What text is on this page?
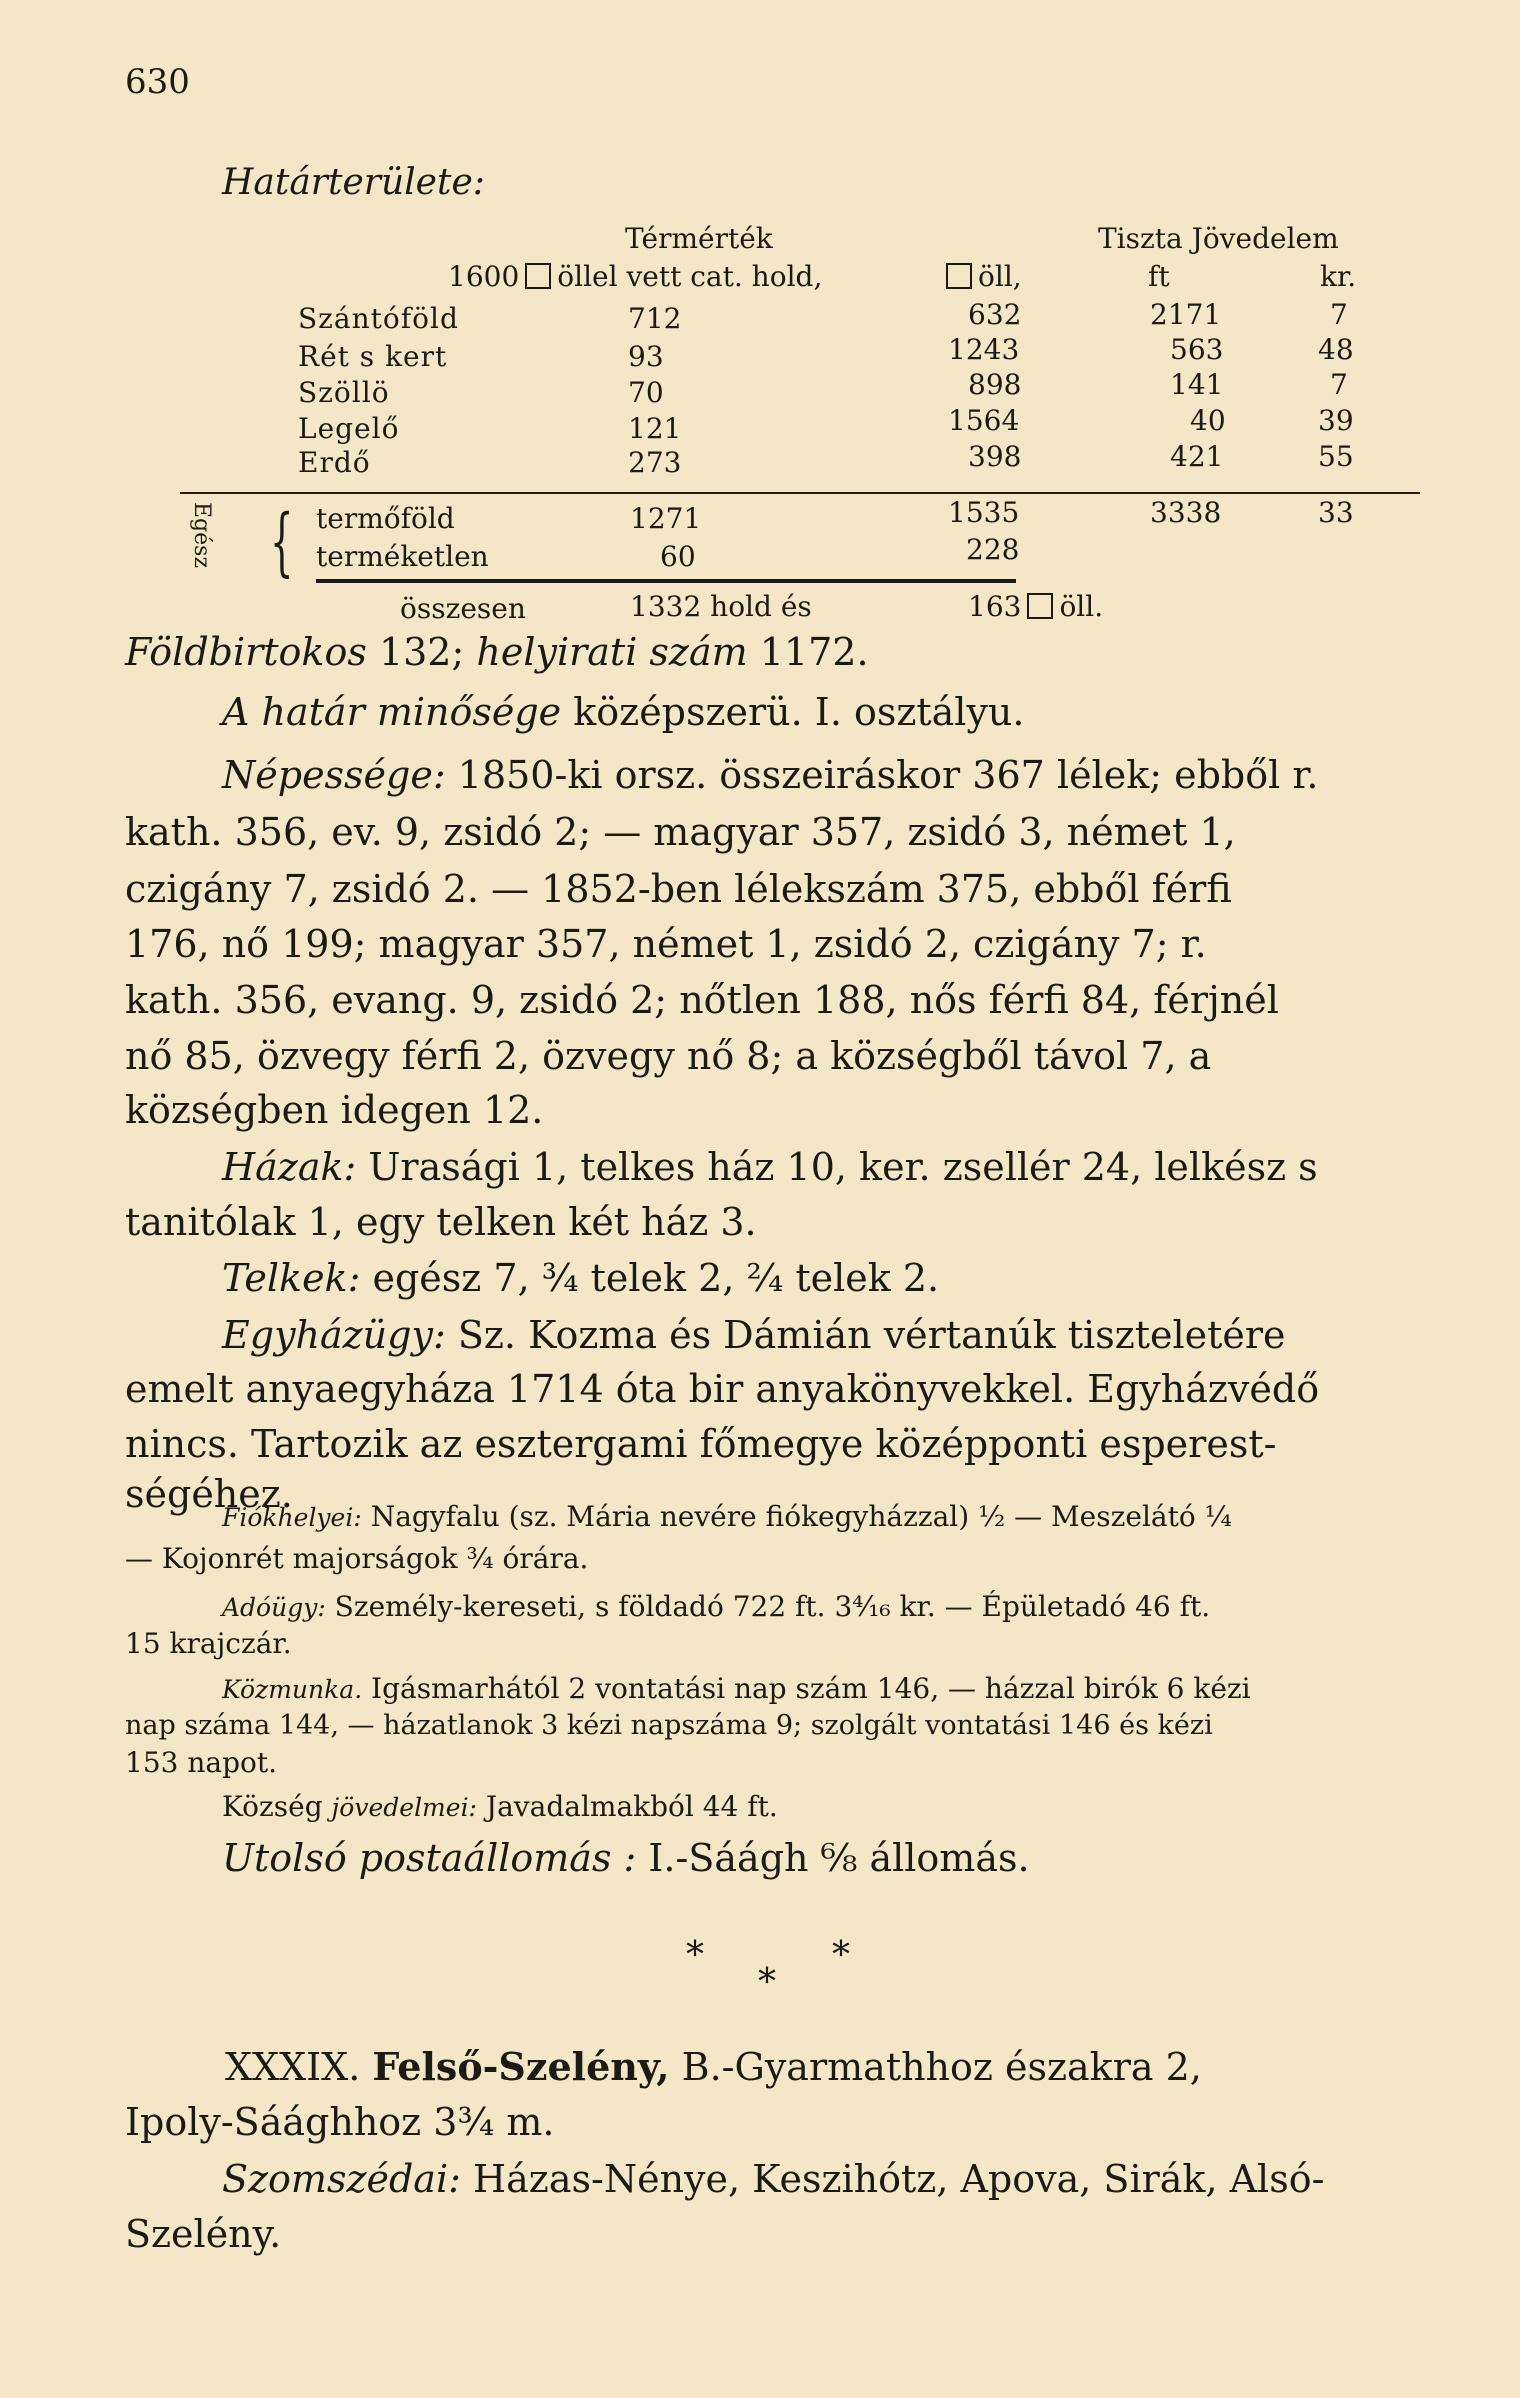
630
Határterülete:
Térmérték	Tiszta Jövedelem
1600 öllel vett cat. hold,	öll,	ft	kr.
Szántóföld	712	632	2171	7
Rét s kert	93	1243	563	48
Szöllö	70	898	141	7
Legelő	121	1564	40	39
Erdő	273	398	421	55
Egész { termőföld	1271	1535	3338	33
terméketlen	60	228
összesen	1332 hold és	163 öll.
Földbirtokos 132; helyirati szám 1172.
A határ minősége középszerü. I. osztályu.
Népessége: 1850-ki orsz. összeiráskor 367 lélek; ebből r.
kath. 356, ev. 9, zsidó 2; — magyar 357, zsidó 3, német 1,
czigány 7, zsidó 2. — 1852-ben lélekszám 375, ebből férfi
176, nő 199; magyar 357, német 1, zsidó 2, czigány 7; r.
kath. 356, evang. 9, zsidó 2; nőtlen 188, nős férfi 84, férjnél
nő 85, özvegy férfi 2, özvegy nő 8; a községből távol 7, a
községben idegen 12.
Házak: Urasági 1, telkes ház 10, ker. zsellér 24, lelkész s
tanitólak 1, egy telken két ház 3.
Telkek: egész 7, ¾ telek 2, ²⁄₄ telek 2.
Egyházügy: Sz. Kozma és Dámián vértanúk tiszteletére
emelt anyaegyháza 1714 óta bir anyakönyvekkel. Egyházvédő
nincs. Tartozik az esztergami főmegye középponti esperest-
ségéhez.
Fiókhelyei: Nagyfalu (sz. Mária nevére fiókegyházzal) ½ — Meszelátó ¼
— Kojonrét majorságok ¾ órára.
Adóügy: Személy-kereseti, s földadó 722 ft. 3⁴⁄₁₆ kr. — Épületadó 46 ft.
15 krajczár.
Közmunka. Igásmarhától 2 vontatási nap szám 146, — házzal birók 6 kézi
nap száma 144, — házatlanok 3 kézi napszáma 9; szolgált vontatási 146 és kézi
153 napot.
Község jövedelmei: Javadalmakból 44 ft.
Utolsó postaállomás : I.-Sáágh ⁶⁄₈ állomás.
*	*
*
XXXIX. Felső-Szelény, B.-Gyarmathhoz északra 2,
Ipoly-Sáághhoz 3¾ m.
Szomszédai: Házas-Nénye, Keszihótz, Apova, Sirák, Alsó-
Szelény.
